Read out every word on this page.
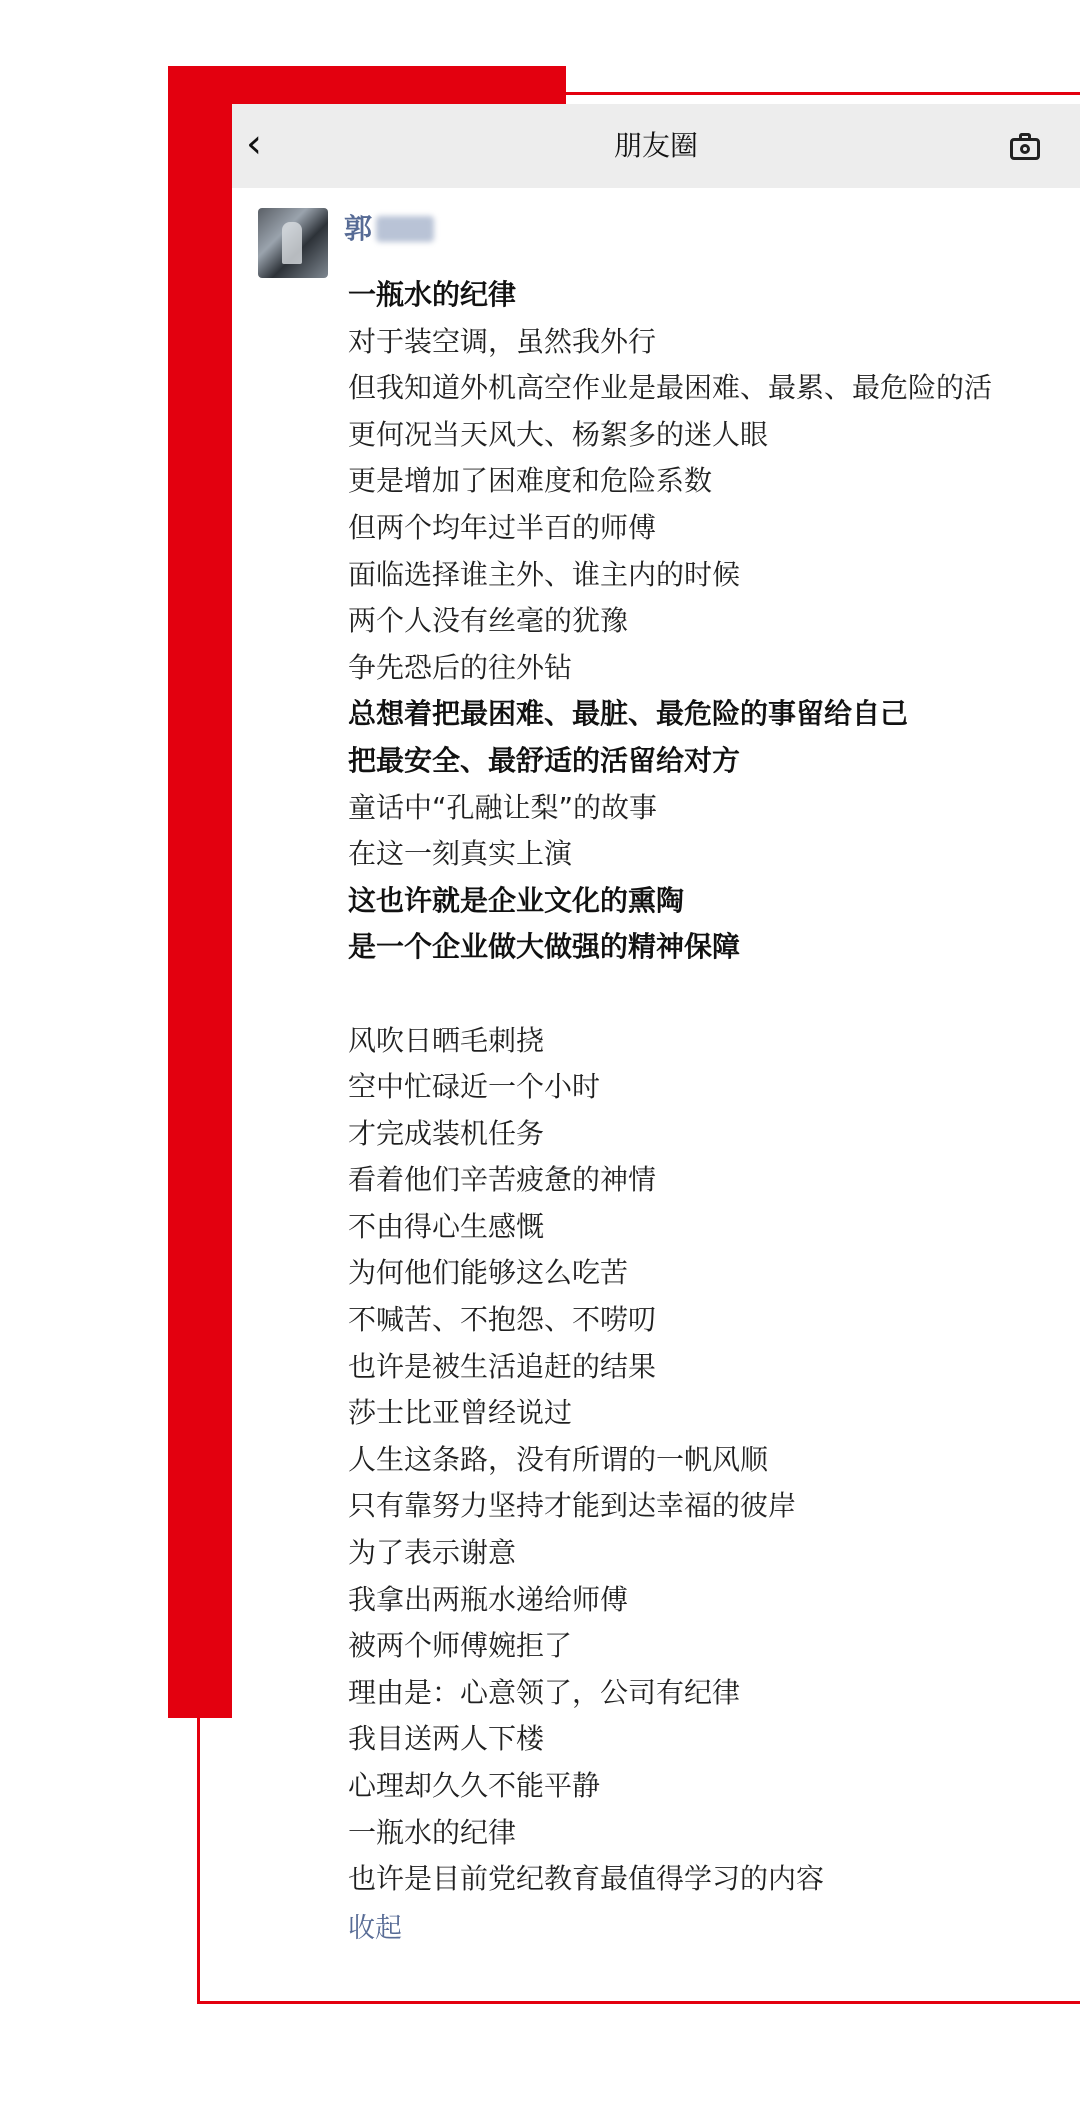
‹	朋友圈
郭
一瓶水的纪律
对于装空调，虽然我外行
但我知道外机高空作业是最困难、最累、最危险的活
更何况当天风大、杨絮多的迷人眼
更是增加了困难度和危险系数
但两个均年过半百的师傅
面临选择谁主外、谁主内的时候
两个人没有丝毫的犹豫
争先恐后的往外钻
总想着把最困难、最脏、最危险的事留给自己
把最安全、最舒适的活留给对方
童话中“孔融让梨”的故事
在这一刻真实上演
这也许就是企业文化的熏陶
是一个企业做大做强的精神保障
风吹日晒毛刺挠
空中忙碌近一个小时
才完成装机任务
看着他们辛苦疲惫的神情
不由得心生感慨
为何他们能够这么吃苦
不喊苦、不抱怨、不唠叨
也许是被生活追赶的结果
莎士比亚曾经说过
人生这条路，没有所谓的一帆风顺
只有靠努力坚持才能到达幸福的彼岸
为了表示谢意
我拿出两瓶水递给师傅
被两个师傅婉拒了
理由是：心意领了，公司有纪律
我目送两人下楼
心理却久久不能平静
一瓶水的纪律
也许是目前党纪教育最值得学习的内容
收起
